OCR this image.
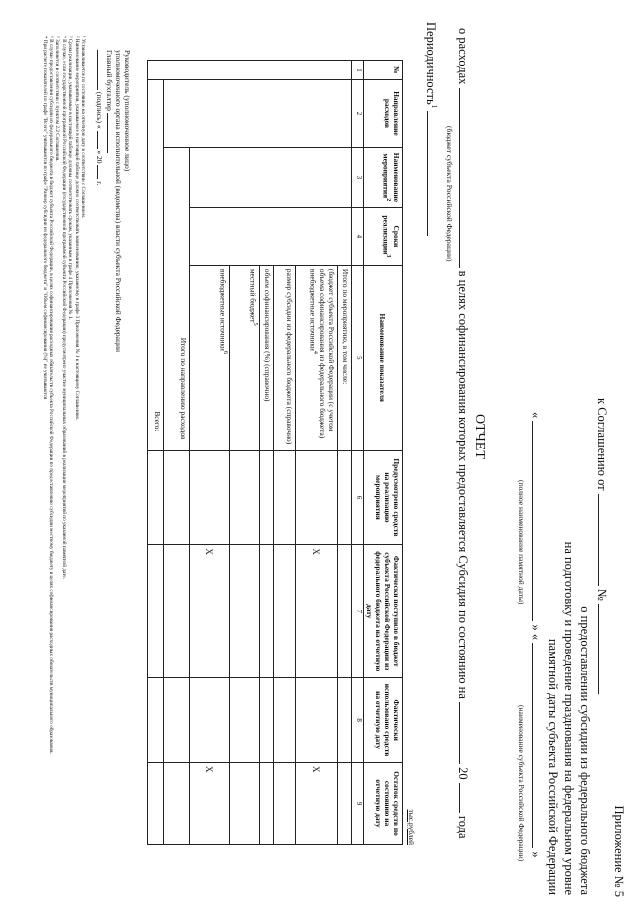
Приложение № 5
к Соглашению от  №
о предоставлении субсидии из федерального бюджета
на подготовку и проведение празднования на федеральном уровне
памятной даты субъекта Российской Федерации
«  » «  »
(полное наименование памятной даты)
(наименование субъекта Российской Федерации)
ОТЧЕТ
о расходах  в целях софинансирования которых предоставляется Субсидия по состоянию на  20  года
(бюджет субъекта Российской Федерации)
Периодичность$^1$
тыс.рублей
№	Направление расходов	Наименование мероприятия$^2$	Сроки реализации$^3$	Наименование показателя	Предусмотрено средств на реализацию мероприятия	Фактически поступило в бюджет субъекта Российской Федерации из федерального бюджета на отчетную дату	Фактически использовано средств на отчетную дату	Остаток средств по состоянию на отчетную дату
1	2	3	4	5	6	7	8	9
				Итого по мероприятию, в том числе:				
				(бюджет субъекта Российской Федерации (с учетом объема софинансирования из федерального бюджета) внебюджетные источники$^4$		X		X
				размер субсидии из федерального бюджета (справочно)				
				объем софинансирования (%) (справочно)				
				местный бюджет$^5$				
				внебюджетные источники$^6$		X		X
		Итого по направлению расходов						
	Всего:							
Руководитель (уполномоченное лицо)
уполномоченного органа исполнительной (ведомства) власти субъекта Российской Федерации
Главный бухгалтер
(подпись) «  » 20  г.
¹ Устанавливается по состоянию на отчетную дату в соответствии с Соглашением.
² Наименование мероприятия, указываемое в настоящей таблице должно соответствовать наименованию, указанному в графе 3 Приложения № 1 к настоящему Соглашению.
³ Сроки реализации, указываемые в настоящей таблице должны соответствовать срокам, указанным в графе 4 Приложения № 1.
⁴ В случае, если государственной программой Российской Федерации (государственной программой субъекта Российской Федерации) предусмотрено участие муниципальных образований в реализации мероприятий по указанной памятной дате.
⁵ Заполняется в соответствии с пунктом 2.2 Соглашения.
⁶ В случае предоставления субсидии из федерального бюджета в бюджет субъекта Российской Федерации, в целях софинансирования расходных обязательств субъекта Российской Федерации по предоставлению субсидии местному бюджету в целях софинансирования расходных обязательств муниципального образования.
* При расчете показателей по графе "Всего" учитываются по графе "Размер субсидии из федерального бюджета" и "Объем софинансирования (%)" не учитываются
